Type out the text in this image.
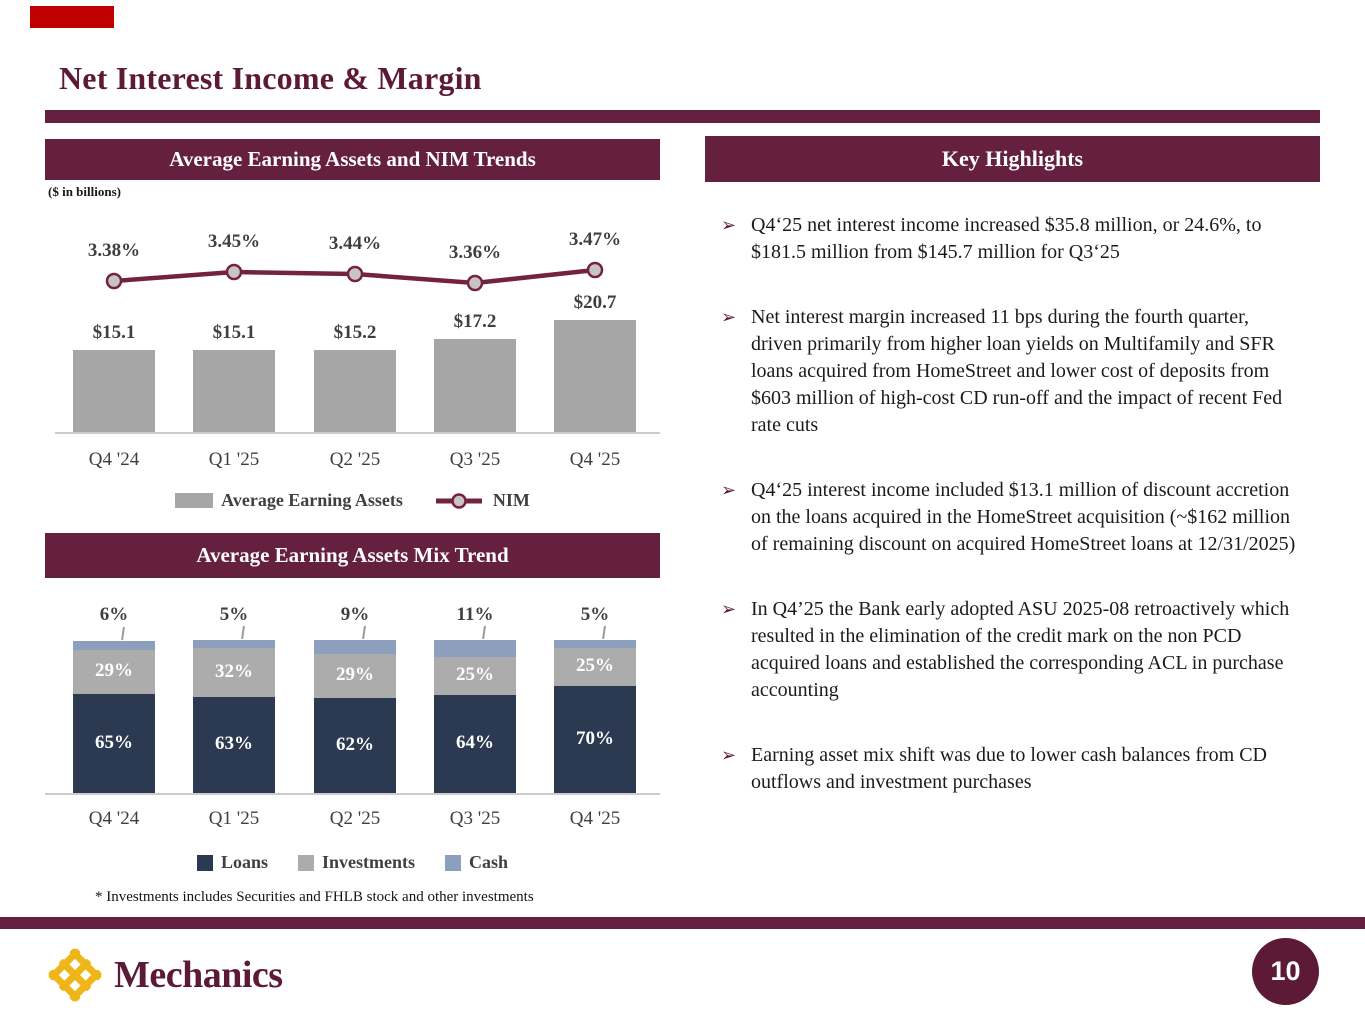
Net Interest Income & Margin
Average Earning Assets and NIM Trends
($ in billions)
$15.1
Q4 '24
$15.1
Q1 '25
$15.2
Q2 '25
$17.2
Q3 '25
$20.7
Q4 '25
3.38%	3.45%	3.44%	3.36%
3.47%
Average Earning Assets	NIM
Average Earning Assets Mix Trend
65%
29%
6%
Q4 '24
63%
32%
5%
Q1 '25
62%
29%
9%
Q2 '25
64%
25%
11%
Q3 '25
70%
25%
5%
Q4 '25
Loans	Investments	Cash
* Investments includes Securities and FHLB stock and other investments
Key Highlights
➢ Q4‘25 net interest income increased $35.8 million, or 24.6%, to $181.5 million from $145.7 million for Q3‘25
➢ Net interest margin increased 11 bps during the fourth quarter, driven primarily from higher loan yields on Multifamily and SFR loans acquired from HomeStreet and lower cost of deposits from $603 million of high-cost CD run-off and the impact of recent Fed rate cuts
➢ Q4‘25 interest income included $13.1 million of discount accretion on the loans acquired in the HomeStreet acquisition (~$162 million of remaining discount on acquired HomeStreet loans at 12/31/2025)
➢ In Q4’25 the Bank early adopted ASU 2025-08 retroactively which resulted in the elimination of the credit mark on the non PCD acquired loans and established the corresponding ACL in purchase accounting
➢ Earning asset mix shift was due to lower cash balances from CD outflows and investment purchases
Mechanics	10
